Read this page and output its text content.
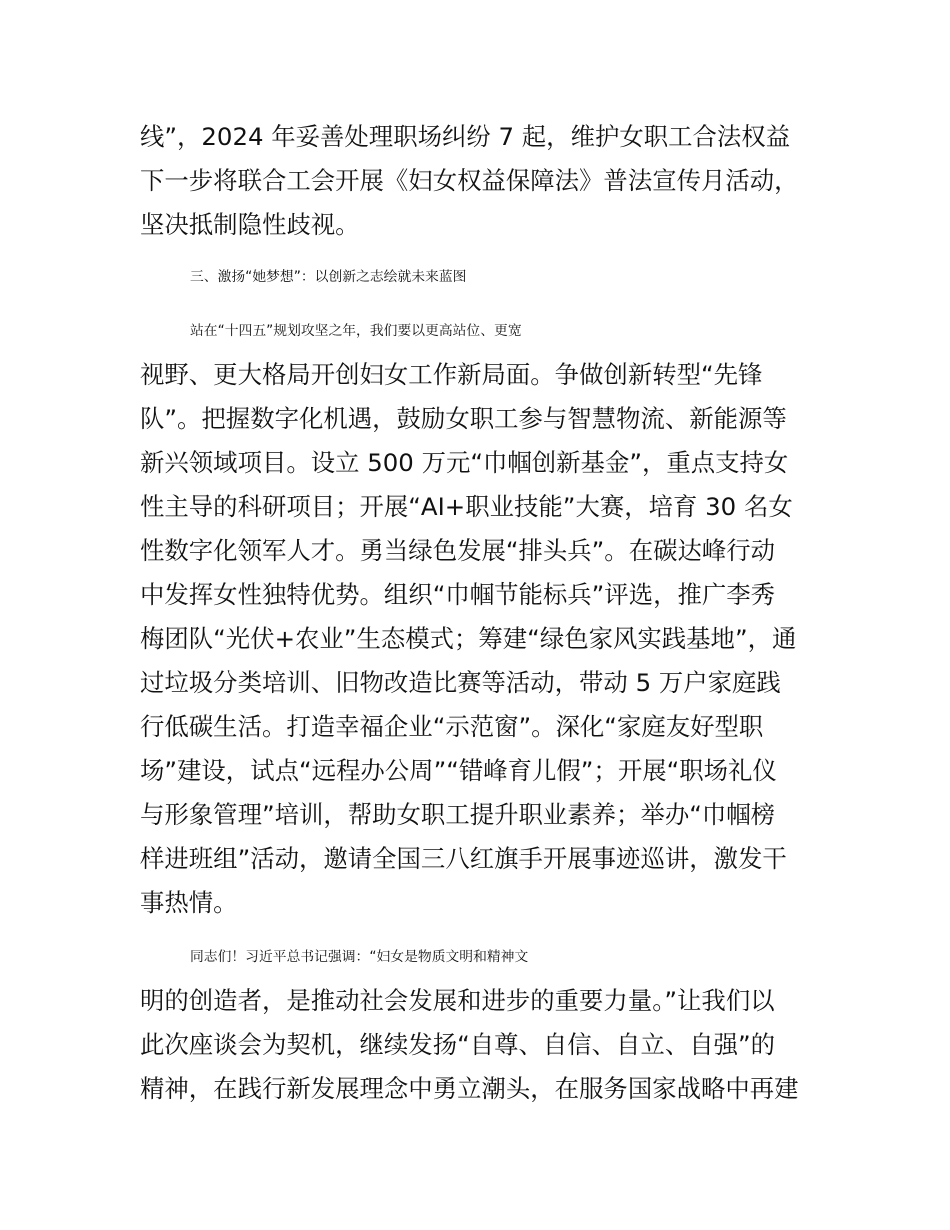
线”，2024 年妥善处理职场纠纷 7 起，维护女职工合法权益
下一步将联合工会开展《妇女权益保障法》普法宣传月活动，
坚决抵制隐性歧视。
三、激扬“她梦想”：以创新之志绘就未来蓝图
站在“十四五”规划攻坚之年，我们要以更高站位、更宽
视野、更大格局开创妇女工作新局面。争做创新转型“先锋
队”。把握数字化机遇，鼓励女职工参与智慧物流、新能源等
新兴领域项目。设立 500 万元“巾帼创新基金”，重点支持女
性主导的科研项目；开展“AI+职业技能”大赛，培育 30 名女
性数字化领军人才。勇当绿色发展“排头兵”。在碳达峰行动
中发挥女性独特优势。组织“巾帼节能标兵”评选，推广李秀
梅团队“光伏+农业”生态模式；筹建“绿色家风实践基地”，通
过垃圾分类培训、旧物改造比赛等活动，带动 5 万户家庭践
行低碳生活。打造幸福企业“示范窗”。深化“家庭友好型职
场”建设，试点“远程办公周”“错峰育儿假”；开展“职场礼仪
与形象管理”培训，帮助女职工提升职业素养；举办“巾帼榜
样进班组”活动，邀请全国三八红旗手开展事迹巡讲，激发干
事热情。
同志们！习近平总书记强调：“妇女是物质文明和精神文
明的创造者，是推动社会发展和进步的重要力量。”让我们以
此次座谈会为契机，继续发扬“自尊、自信、自立、自强”的
精神，在践行新发展理念中勇立潮头，在服务国家战略中再建
